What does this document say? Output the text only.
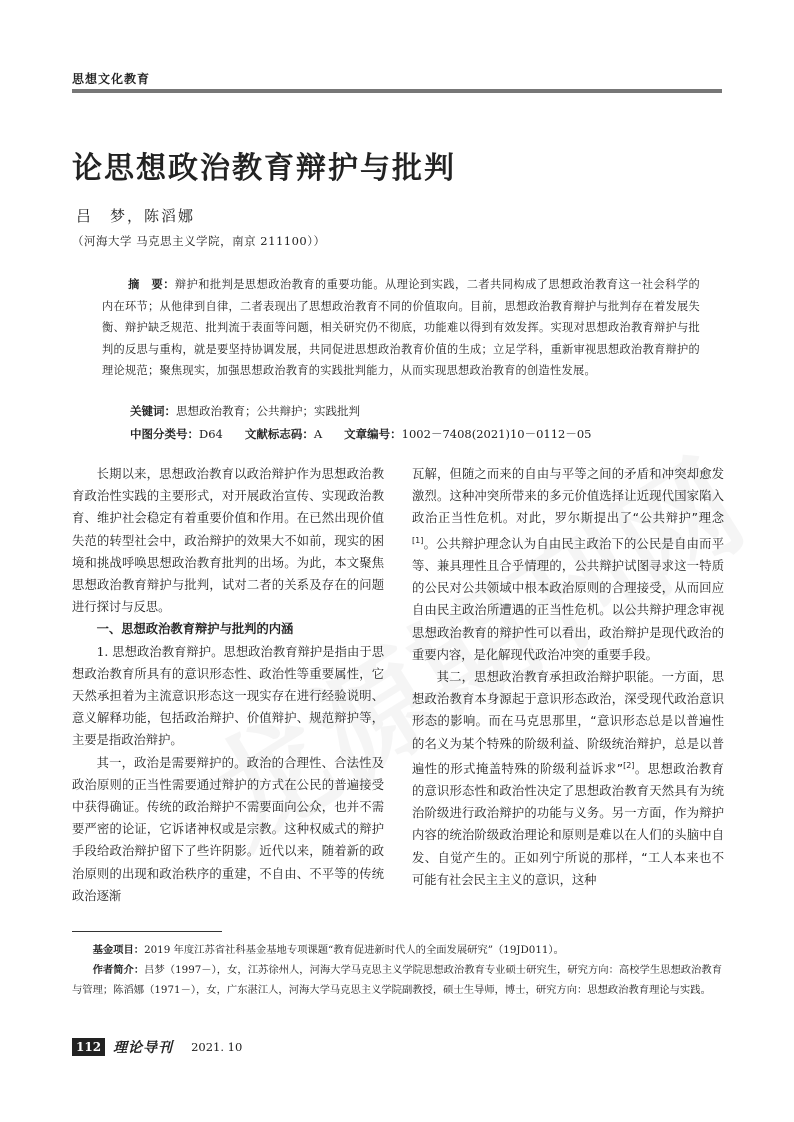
思想文化教育
论思想政治教育辩护与批判
吕　梦，陈滔娜
（河海大学 马克思主义学院，南京 211100））
摘　要：辩护和批判是思想政治教育的重要功能。从理论到实践，二者共同构成了思想政治教育这一社会科学的内在环节；从他律到自律，二者表现出了思想政治教育不同的价值取向。目前，思想政治教育辩护与批判存在着发展失衡、辩护缺乏规范、批判流于表面等问题，相关研究仍不彻底，功能难以得到有效发挥。实现对思想政治教育辩护与批判的反思与重构，就是要坚持协调发展，共同促进思想政治教育价值的生成；立足学科，重新审视思想政治教育辩护的理论规范；聚焦现实，加强思想政治教育的实践批判能力，从而实现思想政治教育的创造性发展。
关键词：思想政治教育；公共辩护；实践批判
中图分类号：D64 文献标志码：A 文章编号：1002－7408(2021)10－0112－05

长期以来，思想政治教育以政治辩护作为思想政治教育政治性实践的主要形式，对开展政治宣传、实现政治教育、维护社会稳定有着重要价值和作用。在已然出现价值失范的转型社会中，政治辩护的效果大不如前，现实的困境和挑战呼唤思想政治教育批判的出场。为此，本文聚焦思想政治教育辩护与批判，试对二者的关系及存在的问题进行探讨与反思。

一、思想政治教育辩护与批判的内涵

1. 思想政治教育辩护。思想政治教育辩护是指由于思想政治教育所具有的意识形态性、政治性等重要属性，它天然承担着为主流意识形态这一现实存在进行经验说明、意义解释功能，包括政治辩护、价值辩护、规范辩护等，主要是指政治辩护。

其一，政治是需要辩护的。政治的合理性、合法性及政治原则的正当性需要通过辩护的方式在公民的普遍接受中获得确证。传统的政治辩护不需要面向公众，也并不需要严密的论证，它诉诸神权或是宗教。这种权威式的辩护手段给政治辩护留下了些许阴影。近代以来，随着新的政治原则的出现和政治秩序的重建，不自由、不平等的传统政治逐渐

瓦解，但随之而来的自由与平等之间的矛盾和冲突却愈发激烈。这种冲突所带来的多元价值选择让近现代国家陷入政治正当性危机。对此，罗尔斯提出了“公共辩护”理念[1]。公共辩护理念认为自由民主政治下的公民是自由而平等、兼具理性且合乎情理的，公共辩护试图寻求这一特质的公民对公共领域中根本政治原则的合理接受，从而回应自由民主政治所遭遇的正当性危机。以公共辩护理念审视思想政治教育的辩护性可以看出，政治辩护是现代政治的重要内容，是化解现代政治冲突的重要手段。

其二，思想政治教育承担政治辩护职能。一方面，思想政治教育本身源起于意识形态政治，深受现代政治意识形态的影响。而在马克思那里，“意识形态总是以普遍性的名义为某个特殊的阶级利益、阶级统治辩护，总是以普遍性的形式掩盖特殊的阶级利益诉求”[2]。思想政治教育的意识形态性和政治性决定了思想政治教育天然具有为统治阶级进行政治辩护的功能与义务。另一方面，作为辩护内容的统治阶级政治理论和原则是难以在人们的头脑中自发、自觉产生的。正如列宁所说的那样，“工人本来也不可能有社会民主主义的意识，这种

基金项目：2019 年度江苏省社科基金基地专项课题“教育促进新时代人的全面发展研究”（19JD011）。
作者简介：吕梦（1997－），女，江苏徐州人，河海大学马克思主义学院思想政治教育专业硕士研究生，研究方向：高校学生思想政治教育与管理；陈滔娜（1971－），女，广东湛江人，河海大学马克思主义学院副教授，硕士生导师，博士，研究方向：思想政治教育理论与实践。
112 理论导刊 2021. 10
